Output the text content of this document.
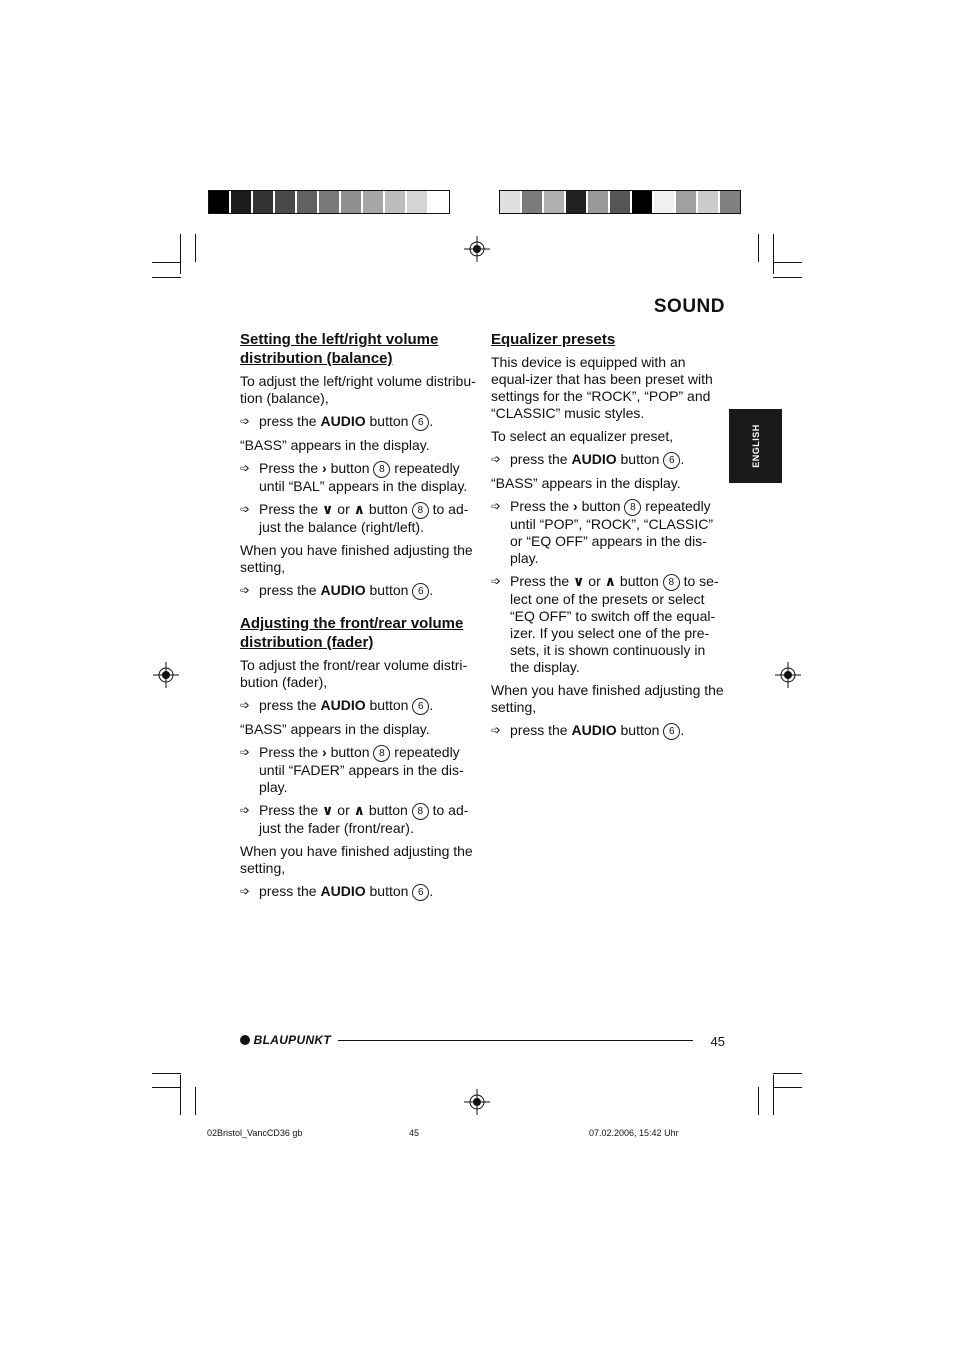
SOUND
ENGLISH
Setting the left/right volume distribution (balance)

To adjust the left/right volume distribu-tion (balance),

➩ press the AUDIO button 6 .

“BASS” appears in the display.

➩ Press the › button 8 repeatedly until “BAL” appears in the display.
➩ Press the ∨ or ∧ button 8 to ad-just the balance (right/left).

When you have finished adjusting the setting,

➩ press the AUDIO button 6 .
Adjusting the front/rear volume distribution (fader)

To adjust the front/rear volume distri-bution (fader),

➩ press the AUDIO button 6 .

“BASS” appears in the display.

➩ Press the › button 8 repeatedly until “FADER” appears in the dis-play.
➩ Press the ∨ or ∧ button 8 to ad-just the fader (front/rear).

When you have finished adjusting the setting,

➩ press the AUDIO button 6 .
Equalizer presets

This device is equipped with an equal-izer that has been preset with settings for the “ROCK”, “POP” and “CLASSIC” music styles.

To select an equalizer preset,

➩ press the AUDIO button 6 .

“BASS” appears in the display.

➩ Press the › button 8 repeatedly until “POP”, “ROCK”, “CLASSIC” or “EQ OFF” appears in the dis-play.
➩ Press the ∨ or ∧ button 8 to se-lect one of the presets or select “EQ OFF” to switch off the equal-izer. If you select one of the pre-sets, it is shown continuously in the display.

When you have finished adjusting the setting,

➩ press the AUDIO button 6 .
BLAUPUNKT	45
02Bristol_VancCD36 gb	45	07.02.2006, 15:42 Uhr
